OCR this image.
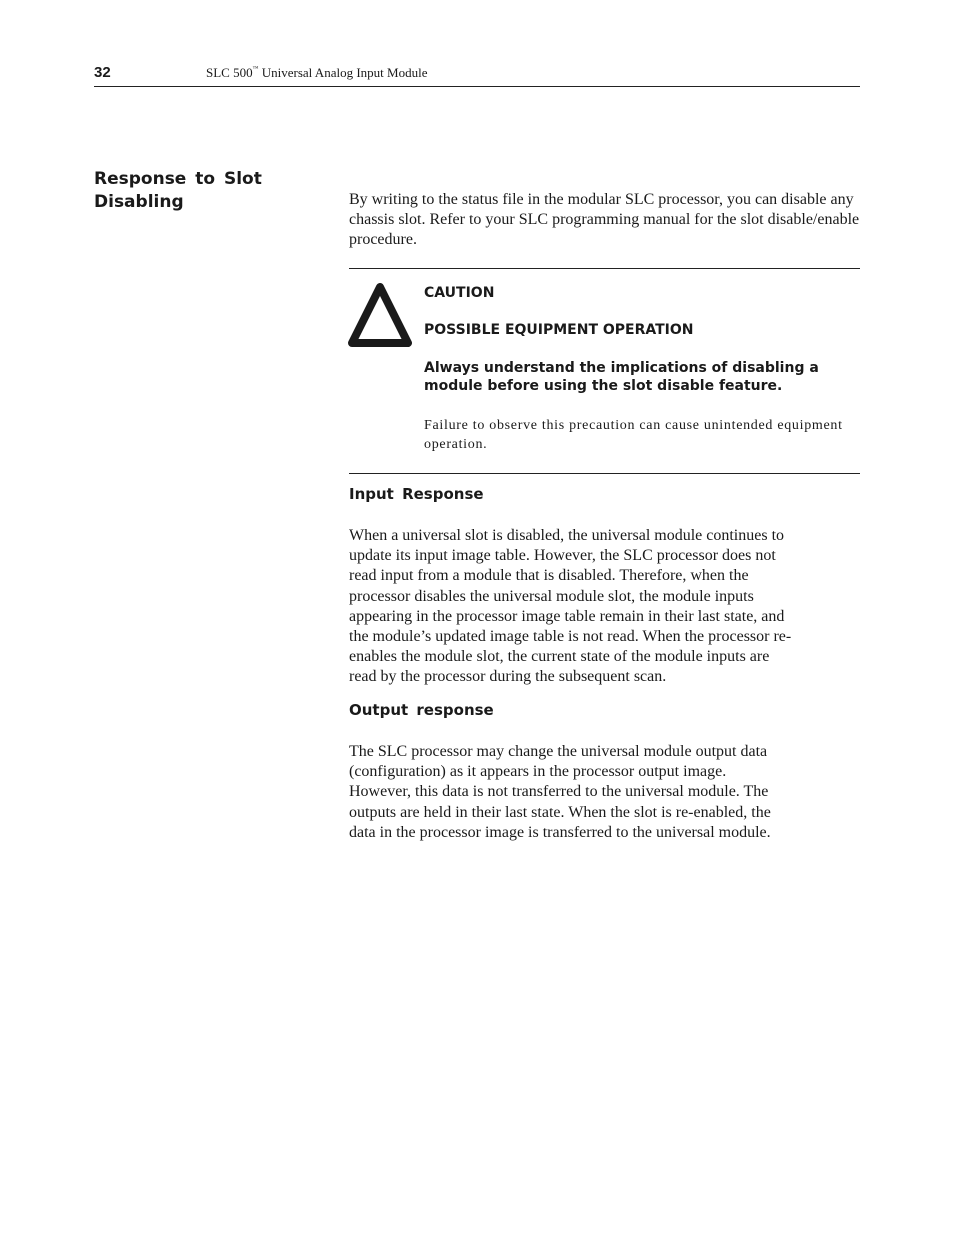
32	SLC 500™ Universal Analog Input Module
Response to Slot Disabling	By writing to the status file in the modular SLC processor, you can disable any chassis slot. Refer to your SLC programming manual for the slot disable/enable procedure.

CAUTION

POSSIBLE EQUIPMENT OPERATION

Always understand the implications of disabling a module before using the slot disable feature.

Failure to observe this precaution can cause unintended equipment operation.

Input Response

When a universal slot is disabled, the universal module continues to
update its input image table. However, the SLC processor does not
read input from a module that is disabled. Therefore, when the
processor disables the universal module slot, the module inputs
appearing in the processor image table remain in their last state, and
the module’s updated image table is not read. When the processor re-
enables the module slot, the current state of the module inputs are
read by the processor during the subsequent scan.

Output response

The SLC processor may change the universal module output data
(configuration) as it appears in the processor output image.
However, this data is not transferred to the universal module. The
outputs are held in their last state. When the slot is re-enabled, the
data in the processor image is transferred to the universal module.
